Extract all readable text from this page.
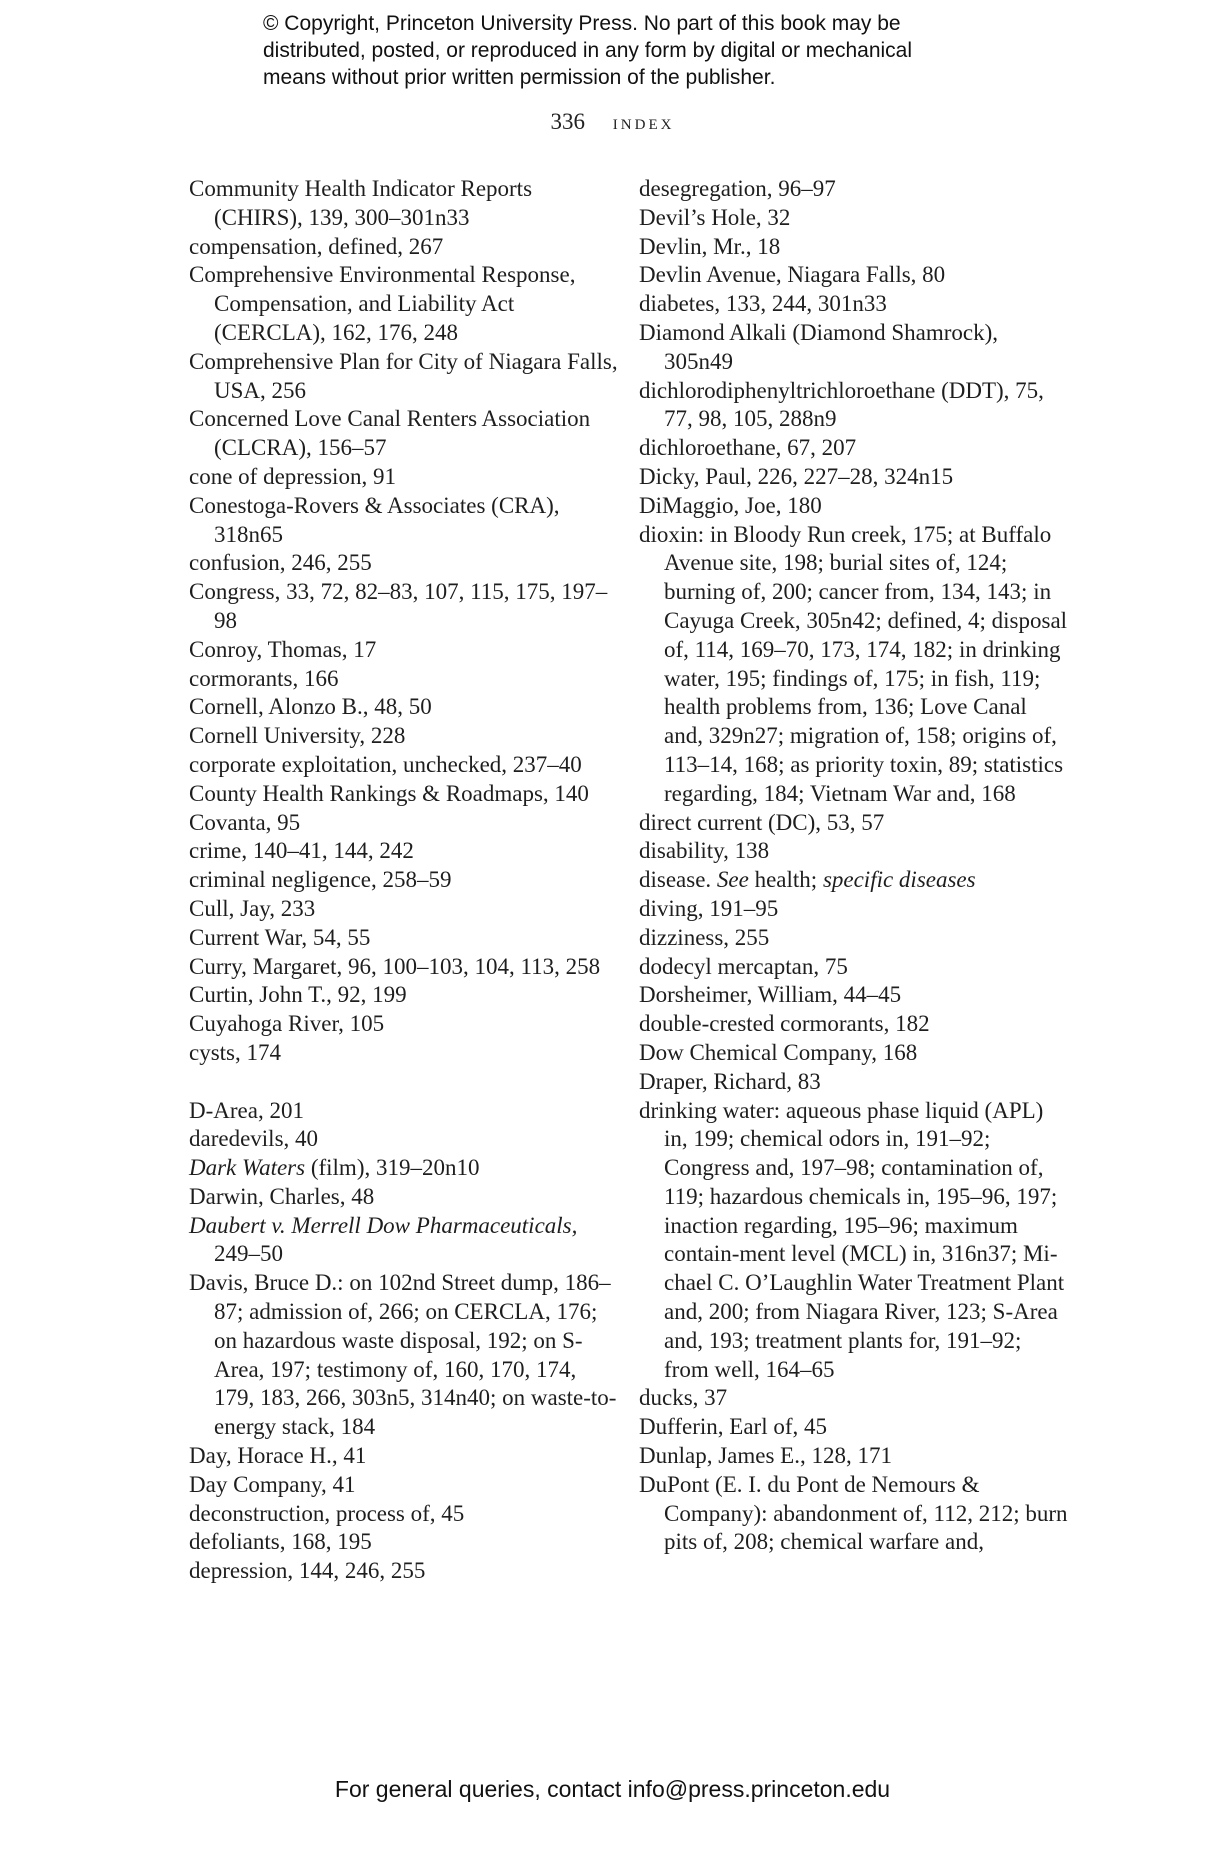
© Copyright, Princeton University Press. No part of this book may be
distributed, posted, or reproduced in any form by digital or mechanical
means without prior written permission of the publisher.
336 index
Community Health Indicator Reports (CHIRS), 139, 300–301n33
compensation, defined, 267
Comprehensive Environmental Response, Compensation, and Liability Act (CERCLA), 162, 176, 248
Comprehensive Plan for City of Niagara Falls, USA, 256
Concerned Love Canal Renters Association (CLCRA), 156–57
cone of depression, 91
Conestoga-Rovers & Associates (CRA), 318n65
confusion, 246, 255
Congress, 33, 72, 82–83, 107, 115, 175, 197–98
Conroy, Thomas, 17
cormorants, 166
Cornell, Alonzo B., 48, 50
Cornell University, 228
corporate exploitation, unchecked, 237–40
County Health Rankings & Roadmaps, 140
Covanta, 95
crime, 140–41, 144, 242
criminal negligence, 258–59
Cull, Jay, 233
Current War, 54, 55
Curry, Margaret, 96, 100–103, 104, 113, 258
Curtin, John T., 92, 199
Cuyahoga River, 105
cysts, 174
D-Area, 201
daredevils, 40
Dark Waters (film), 319–20n10
Darwin, Charles, 48
Daubert v. Merrell Dow Pharmaceuticals, 249–50
Davis, Bruce D.: on 102nd Street dump, 186–87; admission of, 266; on CERCLA, 176; on hazardous waste disposal, 192; on S-Area, 197; testimony of, 160, 170, 174, 179, 183, 266, 303n5, 314n40; on waste-to-energy stack, 184
Day, Horace H., 41
Day Company, 41
deconstruction, process of, 45
defoliants, 168, 195
depression, 144, 246, 255
desegregation, 96–97
Devil’s Hole, 32
Devlin, Mr., 18
Devlin Avenue, Niagara Falls, 80
diabetes, 133, 244, 301n33
Diamond Alkali (Diamond Shamrock), 305n49
dichlorodiphenyltrichloroethane (DDT), 75, 77, 98, 105, 288n9
dichloroethane, 67, 207
Dicky, Paul, 226, 227–28, 324n15
DiMaggio, Joe, 180
dioxin: in Bloody Run creek, 175; at Buffalo Avenue site, 198; burial sites of, 124; burning of, 200; cancer from, 134, 143; in Cayuga Creek, 305n42; defined, 4; disposal of, 114, 169–70, 173, 174, 182; in drinking water, 195; findings of, 175; in fish, 119; health problems from, 136; Love Canal and, 329n27; migration of, 158; origins of, 113–14, 168; as priority toxin, 89; statistics regarding, 184; Vietnam War and, 168
direct current (DC), 53, 57
disability, 138
disease. See health; specific diseases
diving, 191–95
dizziness, 255
dodecyl mercaptan, 75
Dorsheimer, William, 44–45
double-crested cormorants, 182
Dow Chemical Company, 168
Draper, Richard, 83
drinking water: aqueous phase liquid (APL) in, 199; chemical odors in, 191–92; Congress and, 197–98; contamination of, 119; hazardous chemicals in, 195–96, 197; inaction regarding, 195–96; maximum contain-ment level (MCL) in, 316n37; Mi-chael C. O’Laughlin Water Treatment Plant and, 200; from Niagara River, 123; S-Area and, 193; treatment plants for, 191–92; from well, 164–65
ducks, 37
Dufferin, Earl of, 45
Dunlap, James E., 128, 171
DuPont (E. I. du Pont de Nemours & Company): abandonment of, 112, 212; burn pits of, 208; chemical warfare and,
For general queries, contact info@press.princeton.edu
